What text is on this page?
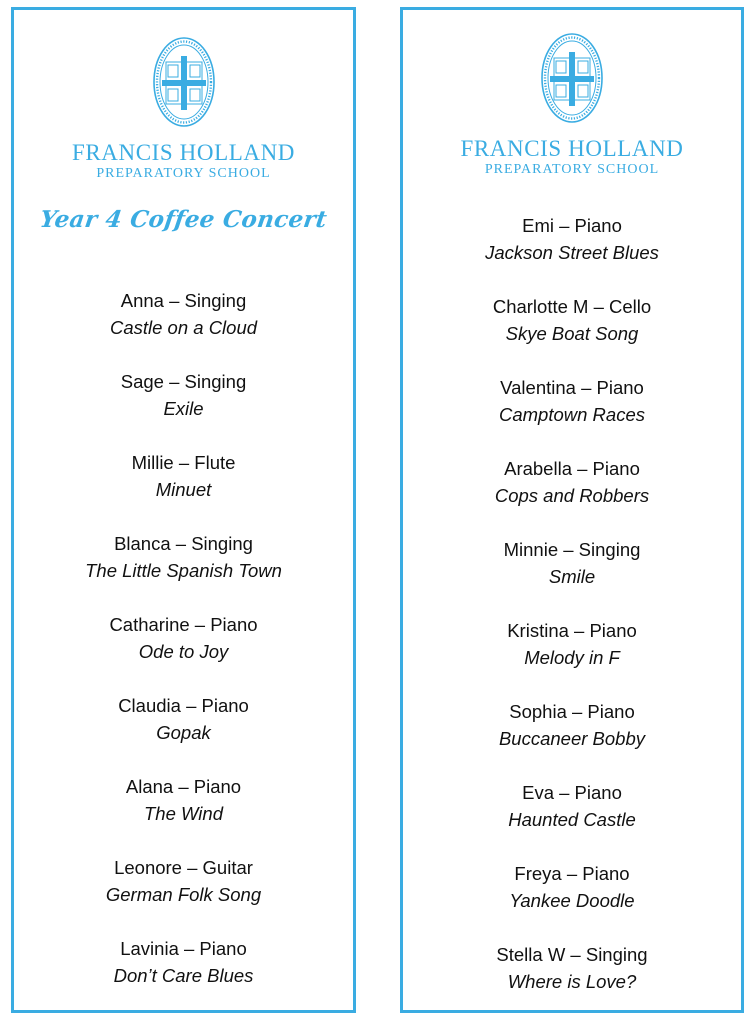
FRANCIS HOLLAND
PREPARATORY SCHOOL
Year 4 Coffee Concert
Anna – Singing
Castle on a Cloud
Sage – Singing
Exile
Millie – Flute
Minuet
Blanca – Singing
The Little Spanish Town
Catharine – Piano
Ode to Joy
Claudia – Piano
Gopak
Alana – Piano
The Wind
Leonore – Guitar
German Folk Song
Lavinia – Piano
Don’t Care Blues
FRANCIS HOLLAND
PREPARATORY SCHOOL
Emi – Piano
Jackson Street Blues
Charlotte M – Cello
Skye Boat Song
Valentina – Piano
Camptown Races
Arabella – Piano
Cops and Robbers
Minnie – Singing
Smile
Kristina – Piano
Melody in F
Sophia – Piano
Buccaneer Bobby
Eva – Piano
Haunted Castle
Freya – Piano
Yankee Doodle
Stella W – Singing
Where is Love?
